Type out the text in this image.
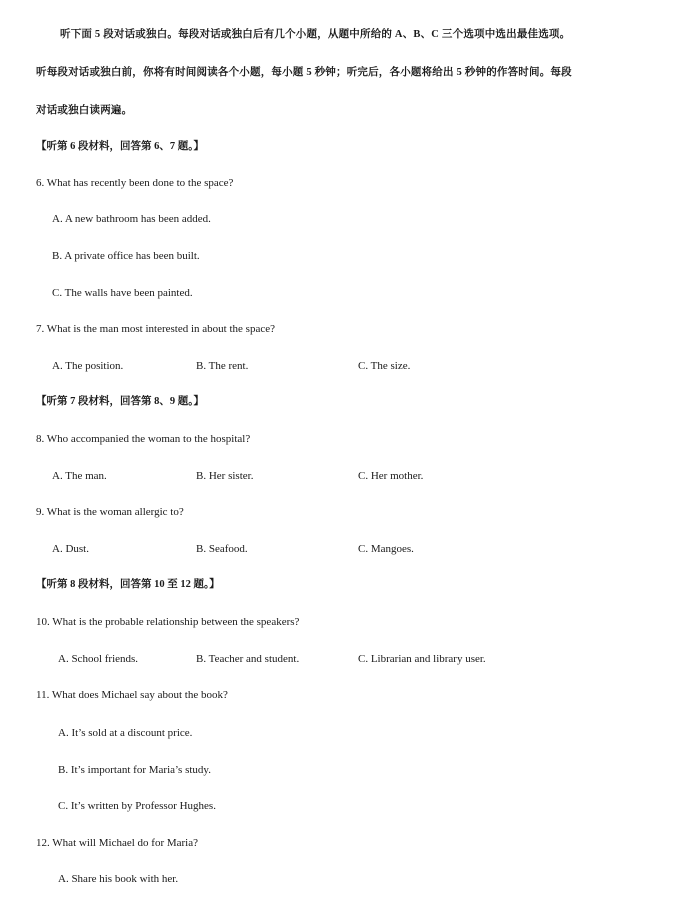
听下面 5 段对话或独白。每段对话或独白后有几个小题，从题中所给的 A、B、C 三个选项中选出最佳选项。
听每段对话或独白前，你将有时间阅读各个小题，每小题 5 秒钟；听完后，各小题将给出 5 秒钟的作答时间。每段
对话或独白读两遍。
【听第 6 段材料，回答第 6、7 题。】
6. What has recently been done to the space?
A. A new bathroom has been added.
B. A private office has been built.
C. The walls have been painted.
7. What is the man most interested in about the space?
A. The position.	B. The rent.	C. The size.
【听第 7 段材料，回答第 8、9 题。】
8. Who accompanied the woman to the hospital?
A. The man.	B. Her sister.	C. Her mother.
9. What is the woman allergic to?
A. Dust.	B. Seafood.	C. Mangoes.
【听第 8 段材料，回答第 10 至 12 题。】
10. What is the probable relationship between the speakers?
A. School friends.	B. Teacher and student.	C. Librarian and library user.
11. What does Michael say about the book?
A. It’s sold at a discount price.
B. It’s important for Maria’s study.
C. It’s written by Professor Hughes.
12. What will Michael do for Maria?
A. Share his book with her.
